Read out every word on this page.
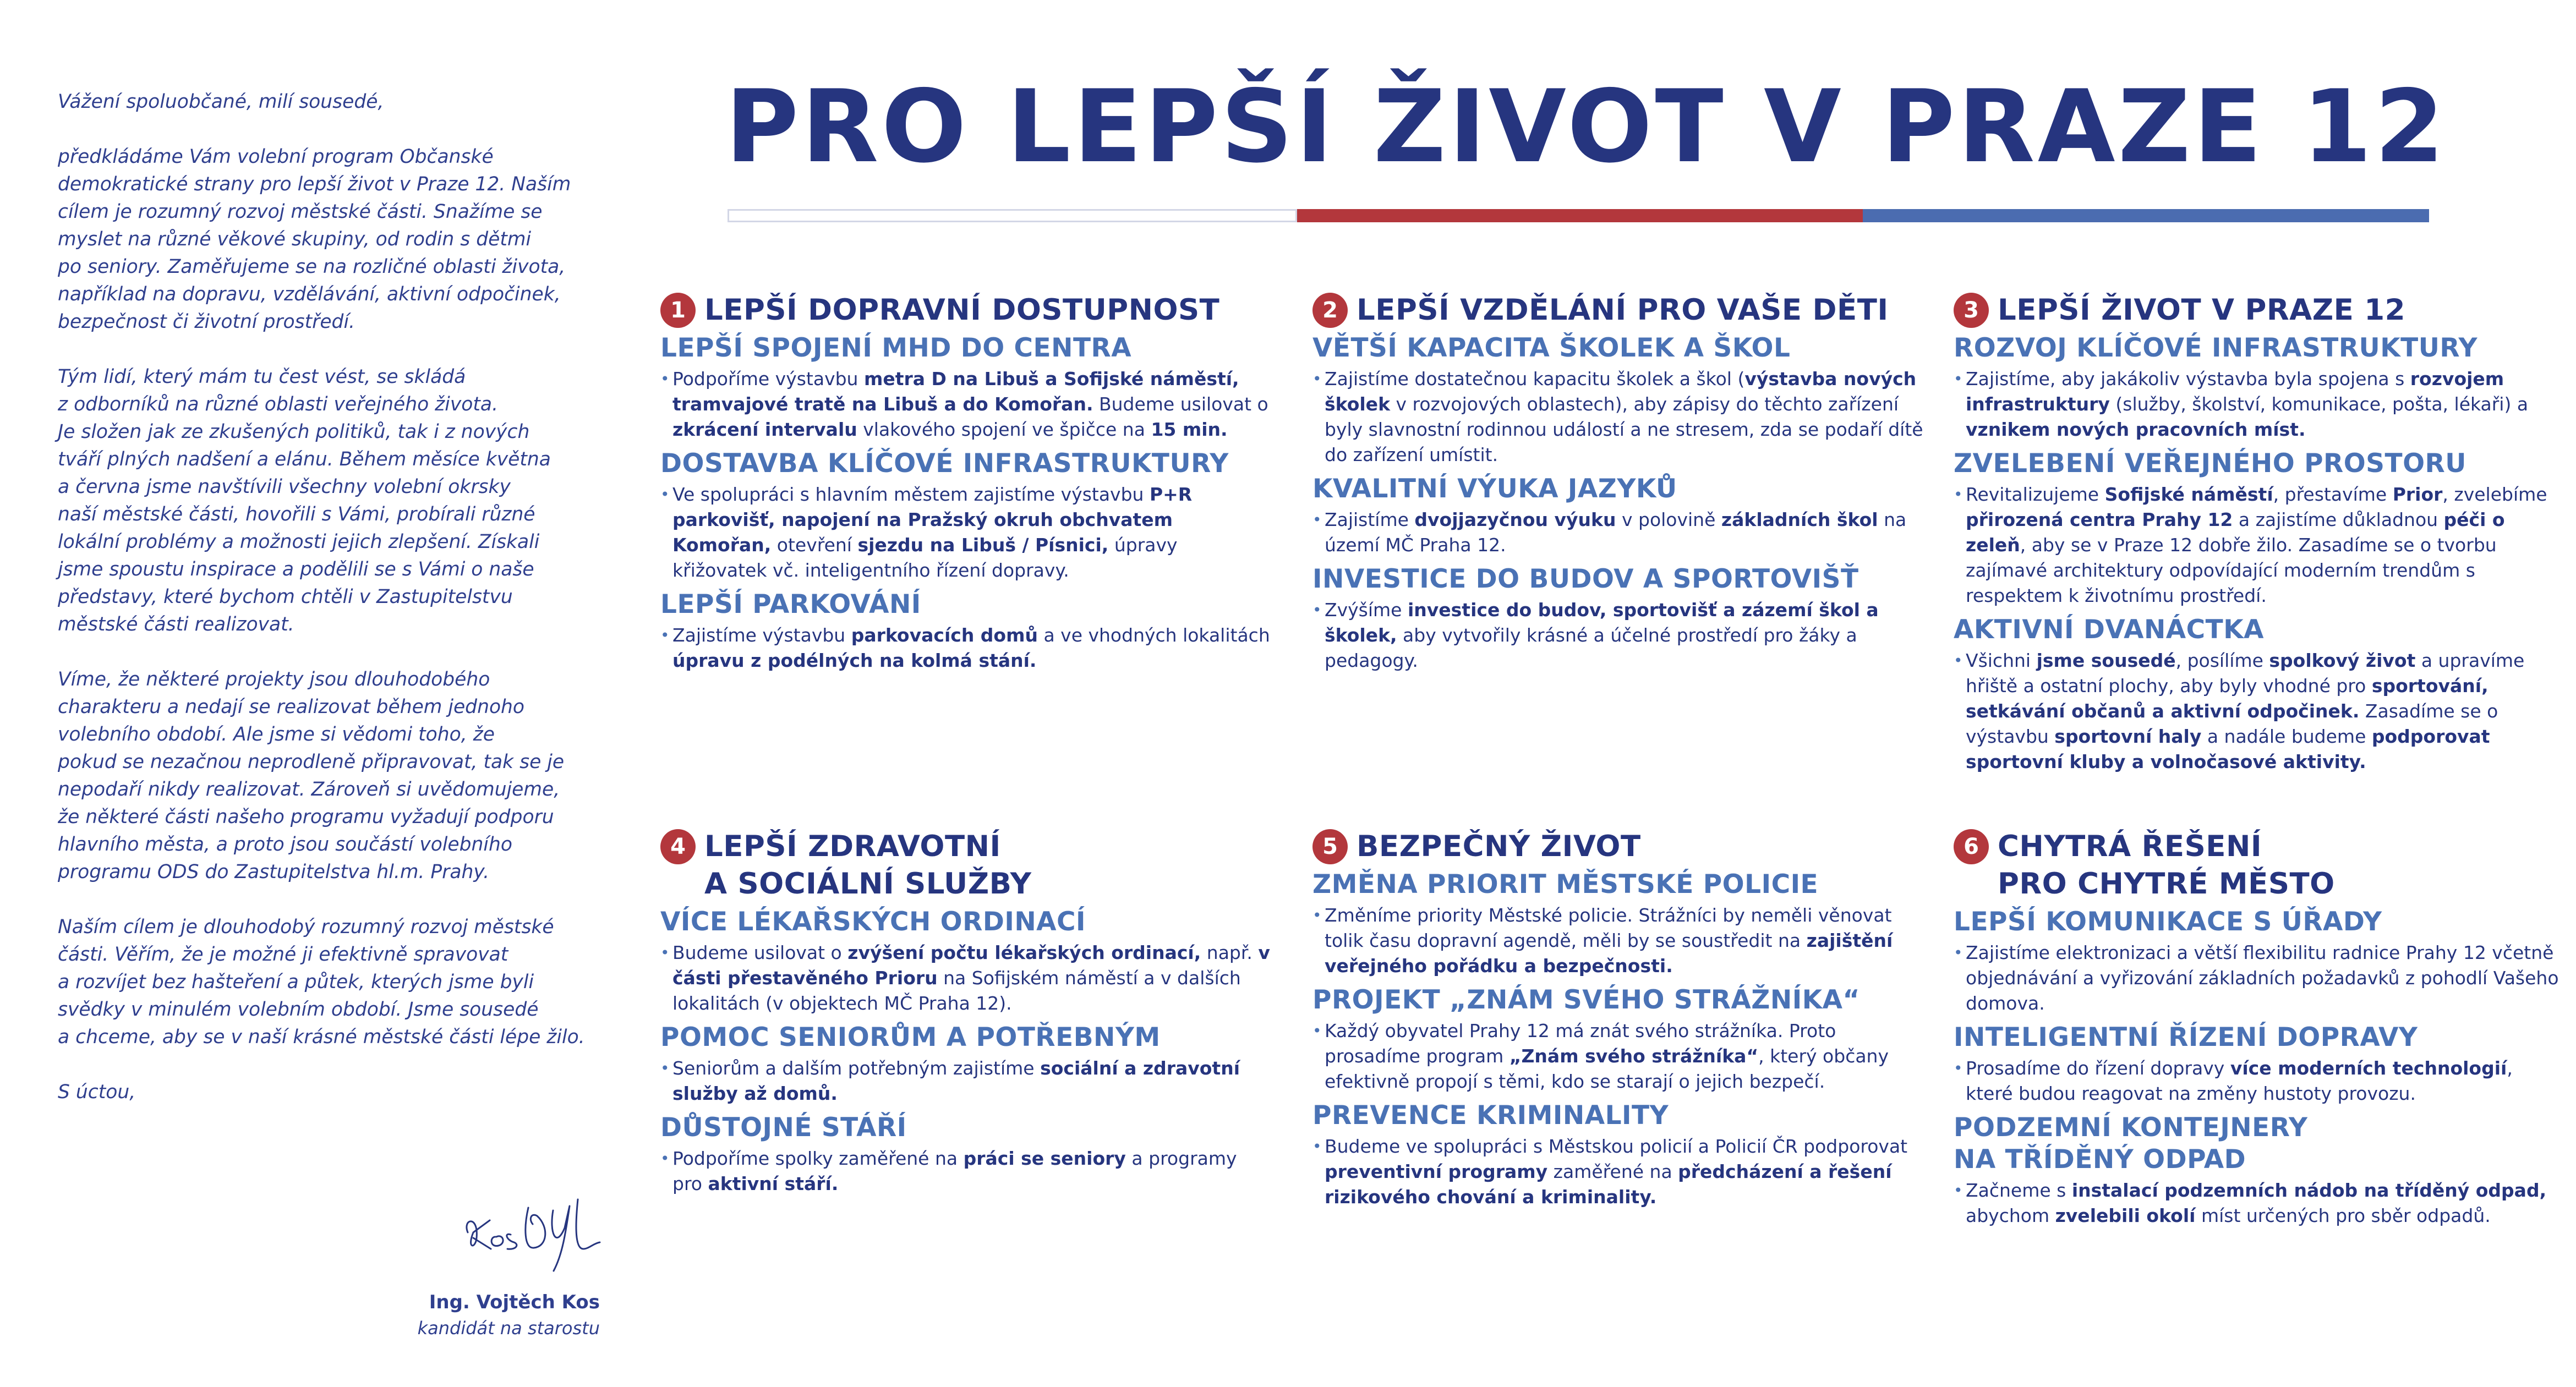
Vážení spoluobčané, milí sousedé,

předkládáme Vám volební program Občanské
demokratické strany pro lepší život v Praze 12. Naším
cílem je rozumný rozvoj městské části. Snažíme se
myslet na různé věkové skupiny, od rodin s dětmi
po seniory. Zaměřujeme se na rozličné oblasti života,
například na dopravu, vzdělávání, aktivní odpočinek,
bezpečnost či životní prostředí.

Tým lidí, který mám tu čest vést, se skládá
z odborníků na různé oblasti veřejného života.
Je složen jak ze zkušených politiků, tak i z nových
tváří plných nadšení a elánu. Během měsíce května
a června jsme navštívili všechny volební okrsky
naší městské části, hovořili s Vámi, probírali různé
lokální problémy a možnosti jejich zlepšení. Získali
jsme spoustu inspirace a podělili se s Vámi o naše
představy, které bychom chtěli v Zastupitelstvu
městské části realizovat.

Víme, že některé projekty jsou dlouhodobého
charakteru a nedají se realizovat během jednoho
volebního období. Ale jsme si vědomi toho, že
pokud se nezačnou neprodleně připravovat, tak se je
nepodaří nikdy realizovat. Zároveň si uvědomujeme,
že některé části našeho programu vyžadují podporu
hlavního města, a proto jsou součástí volebního
programu ODS do Zastupitelstva hl.m. Prahy.

Naším cílem je dlouhodobý rozumný rozvoj městské
části. Věřím, že je možné ji efektivně spravovat
a rozvíjet bez hašteření a půtek, kterých jsme byli
svědky v minulém volebním období. Jsme sousedé
a chceme, aby se v naší krásné městské části lépe žilo.

S úctou,

Ing. Vojtěch Kos
kandidát na starostu
PRO LEPŠÍ ŽIVOT V PRAZE 12
1 LEPŠÍ DOPRAVNÍ DOSTUPNOST
LEPŠÍ SPOJENÍ MHD DO CENTRA
• Podpoříme výstavbu metra D na Libuš a Sofijské náměstí, tramvajové tratě na Libuš a do Komořan. Budeme usilovat o zkrácení intervalu vlakového spojení ve špičce na 15 min.
DOSTAVBA KLÍČOVÉ INFRASTRUKTURY
• Ve spolupráci s hlavním městem zajistíme výstavbu P+R parkovišť, napojení na Pražský okruh obchvatem Komořan, otevření sjezdu na Libuš / Písnici, úpravy křižovatek vč. inteligentního řízení dopravy.
LEPŠÍ PARKOVÁNÍ
• Zajistíme výstavbu parkovacích domů a ve vhodných lokalitách úpravu z podélných na kolmá stání.
2 LEPŠÍ VZDĚLÁNÍ PRO VAŠE DĚTI
VĚTŠÍ KAPACITA ŠKOLEK A ŠKOL
• Zajistíme dostatečnou kapacitu školek a škol (výstavba nových školek v rozvojových oblastech), aby zápisy do těchto zařízení byly slavnostní rodinnou událostí a ne stresem, zda se podaří dítě do zařízení umístit.
KVALITNÍ VÝUKA JAZYKŮ
• Zajistíme dvojjazyčnou výuku v polovině základních škol na území MČ Praha 12.
INVESTICE DO BUDOV A SPORTOVIŠŤ
• Zvýšíme investice do budov, sportovišť a zázemí škol a školek, aby vytvořily krásné a účelné prostředí pro žáky a pedagogy.
3 LEPŠÍ ŽIVOT V PRAZE 12
ROZVOJ KLÍČOVÉ INFRASTRUKTURY
• Zajistíme, aby jakákoliv výstavba byla spojena s rozvojem infrastruktury (služby, školství, komunikace, pošta, lékaři) a vznikem nových pracovních míst.
ZVELEBENÍ VEŘEJNÉHO PROSTORU
• Revitalizujeme Sofijské náměstí, přestavíme Prior, zvelebíme přirozená centra Prahy 12 a zajistíme důkladnou péči o zeleň, aby se v Praze 12 dobře žilo. Zasadíme se o tvorbu zajímavé architektury odpovídající moderním trendům s respektem k životnímu prostředí.
AKTIVNÍ DVANÁCTKA
• Všichni jsme sousedé, posílíme spolkový život a upravíme hřiště a ostatní plochy, aby byly vhodné pro sportování, setkávání občanů a aktivní odpočinek. Zasadíme se o výstavbu sportovní haly a nadále budeme podporovat sportovní kluby a volnočasové aktivity.
4 LEPŠÍ ZDRAVOTNÍ
A SOCIÁLNÍ SLUŽBY
VÍCE LÉKAŘSKÝCH ORDINACÍ
• Budeme usilovat o zvýšení počtu lékařských ordinací, např. v části přestavěného Prioru na Sofijském náměstí a v dalších lokalitách (v objektech MČ Praha 12).
POMOC SENIORŮM A POTŘEBNÝM
• Seniorům a dalším potřebným zajistíme sociální a zdravotní služby až domů.
DŮSTOJNÉ STÁŘÍ
• Podpoříme spolky zaměřené na práci se seniory a programy pro aktivní stáří.
5 BEZPEČNÝ ŽIVOT
ZMĚNA PRIORIT MĚSTSKÉ POLICIE
• Změníme priority Městské policie. Strážníci by neměli věnovat tolik času dopravní agendě, měli by se soustředit na zajištění veřejného pořádku a bezpečnosti.
PROJEKT „ZNÁM SVÉHO STRÁŽNÍKA“
• Každý obyvatel Prahy 12 má znát svého strážníka. Proto prosadíme program „Znám svého strážníka“, který občany efektivně propojí s těmi, kdo se starají o jejich bezpečí.
PREVENCE KRIMINALITY
• Budeme ve spolupráci s Městskou policií a Policií ČR podporovat preventivní programy zaměřené na předcházení a řešení rizikového chování a kriminality.
6 CHYTRÁ ŘEŠENÍ
PRO CHYTRÉ MĚSTO
LEPŠÍ KOMUNIKACE S ÚŘADY
• Zajistíme elektronizaci a větší flexibilitu radnice Prahy 12 včetně objednávání a vyřizování základních požadavků z pohodlí Vašeho domova.
INTELIGENTNÍ ŘÍZENÍ DOPRAVY
• Prosadíme do řízení dopravy více moderních technologií, které budou reagovat na změny hustoty provozu.
PODZEMNÍ KONTEJNERY
NA TŘÍDĚNÝ ODPAD
• Začneme s instalací podzemních nádob na tříděný odpad, abychom zvelebili okolí míst určených pro sběr odpadů.
